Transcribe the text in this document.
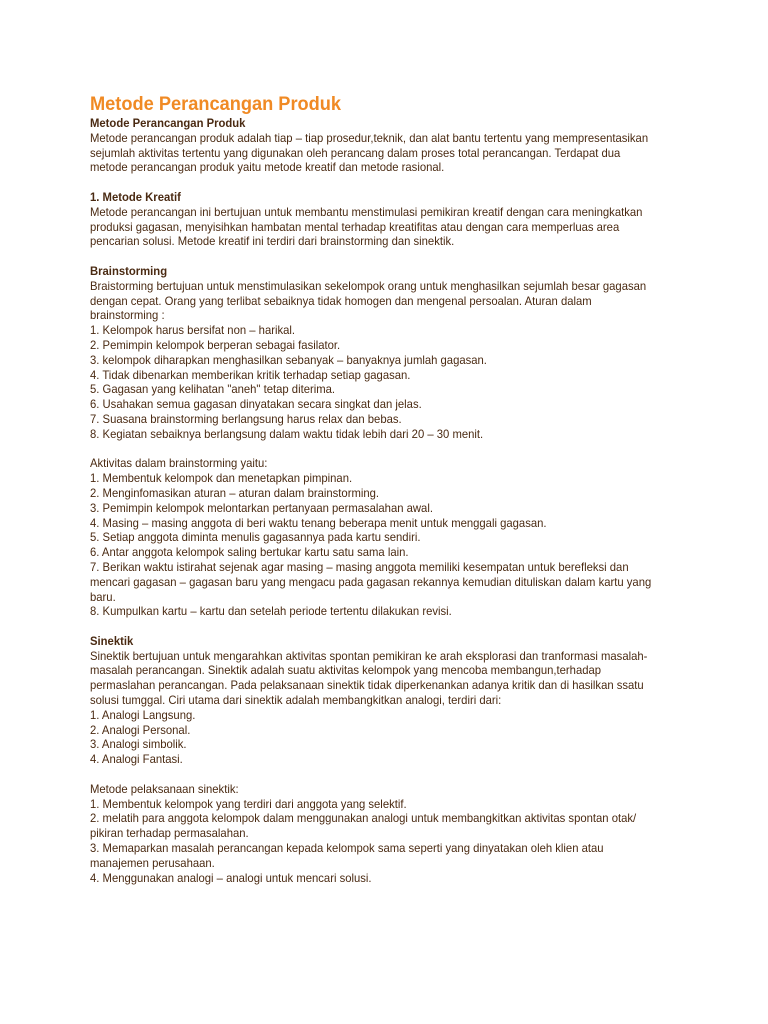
Metode Perancangan Produk
Metode Perancangan Produk

Metode perancangan produk adalah tiap – tiap prosedur,teknik, dan alat bantu tertentu yang mempresentasikan sejumlah aktivitas tertentu yang digunakan oleh perancang dalam proses total perancangan. Terdapat dua metode perancangan produk yaitu metode kreatif dan metode rasional.

1. Metode Kreatif

Metode perancangan ini bertujuan untuk membantu menstimulasi pemikiran kreatif dengan cara meningkatkan produksi gagasan, menyisihkan hambatan mental terhadap kreatifitas atau dengan cara memperluas area pencarian solusi. Metode kreatif ini terdiri dari brainstorming dan sinektik.

Brainstorming

Braistorming bertujuan untuk menstimulasikan sekelompok orang untuk menghasilkan sejumlah besar gagasan dengan cepat. Orang yang terlibat sebaiknya tidak homogen dan mengenal persoalan. Aturan dalam brainstorming :

1. Kelompok harus bersifat non – harikal.
2. Pemimpin kelompok berperan sebagai fasilator.
3. kelompok diharapkan menghasilkan sebanyak – banyaknya jumlah gagasan.
4. Tidak dibenarkan memberikan kritik terhadap setiap gagasan.
5. Gagasan yang kelihatan "aneh" tetap diterima.
6. Usahakan semua gagasan dinyatakan secara singkat dan jelas.
7. Suasana brainstorming berlangsung harus relax dan bebas.
8. Kegiatan sebaiknya berlangsung dalam waktu tidak lebih dari 20 – 30 menit.

Aktivitas dalam brainstorming yaitu:

1. Membentuk kelompok dan menetapkan pimpinan.
2. Menginfomasikan aturan – aturan dalam brainstorming.
3. Pemimpin kelompok melontarkan pertanyaan permasalahan awal.
4. Masing – masing anggota di beri waktu tenang beberapa menit untuk menggali gagasan.
5. Setiap anggota diminta menulis gagasannya pada kartu sendiri.
6. Antar anggota kelompok saling bertukar kartu satu sama lain.
7. Berikan waktu istirahat sejenak agar masing – masing anggota memiliki kesempatan untuk berefleksi dan mencari gagasan – gagasan baru yang mengacu pada gagasan rekannya kemudian dituliskan dalam kartu yang baru.
8. Kumpulkan kartu – kartu dan setelah periode tertentu dilakukan revisi.
Sinektik

Sinektik bertujuan untuk mengarahkan aktivitas spontan pemikiran ke arah eksplorasi dan tranformasi masalah-masalah perancangan. Sinektik adalah suatu aktivitas kelompok yang mencoba membangun,terhadap permaslahan perancangan. Pada pelaksanaan sinektik tidak diperkenankan adanya kritik dan di hasilkan ssatu solusi tumggal. Ciri utama dari sinektik adalah membangkitkan analogi, terdiri dari:

1. Analogi Langsung.
2. Analogi Personal.
3. Analogi simbolik.
4. Analogi Fantasi.

Metode pelaksanaan sinektik:

1. Membentuk kelompok yang terdiri dari anggota yang selektif.
2. melatih para anggota kelompok dalam menggunakan analogi untuk membangkitkan aktivitas spontan otak/ pikiran terhadap permasalahan.
3. Memaparkan masalah perancangan kepada kelompok sama seperti yang dinyatakan oleh klien atau manajemen perusahaan.
4. Menggunakan analogi – analogi untuk mencari solusi.
